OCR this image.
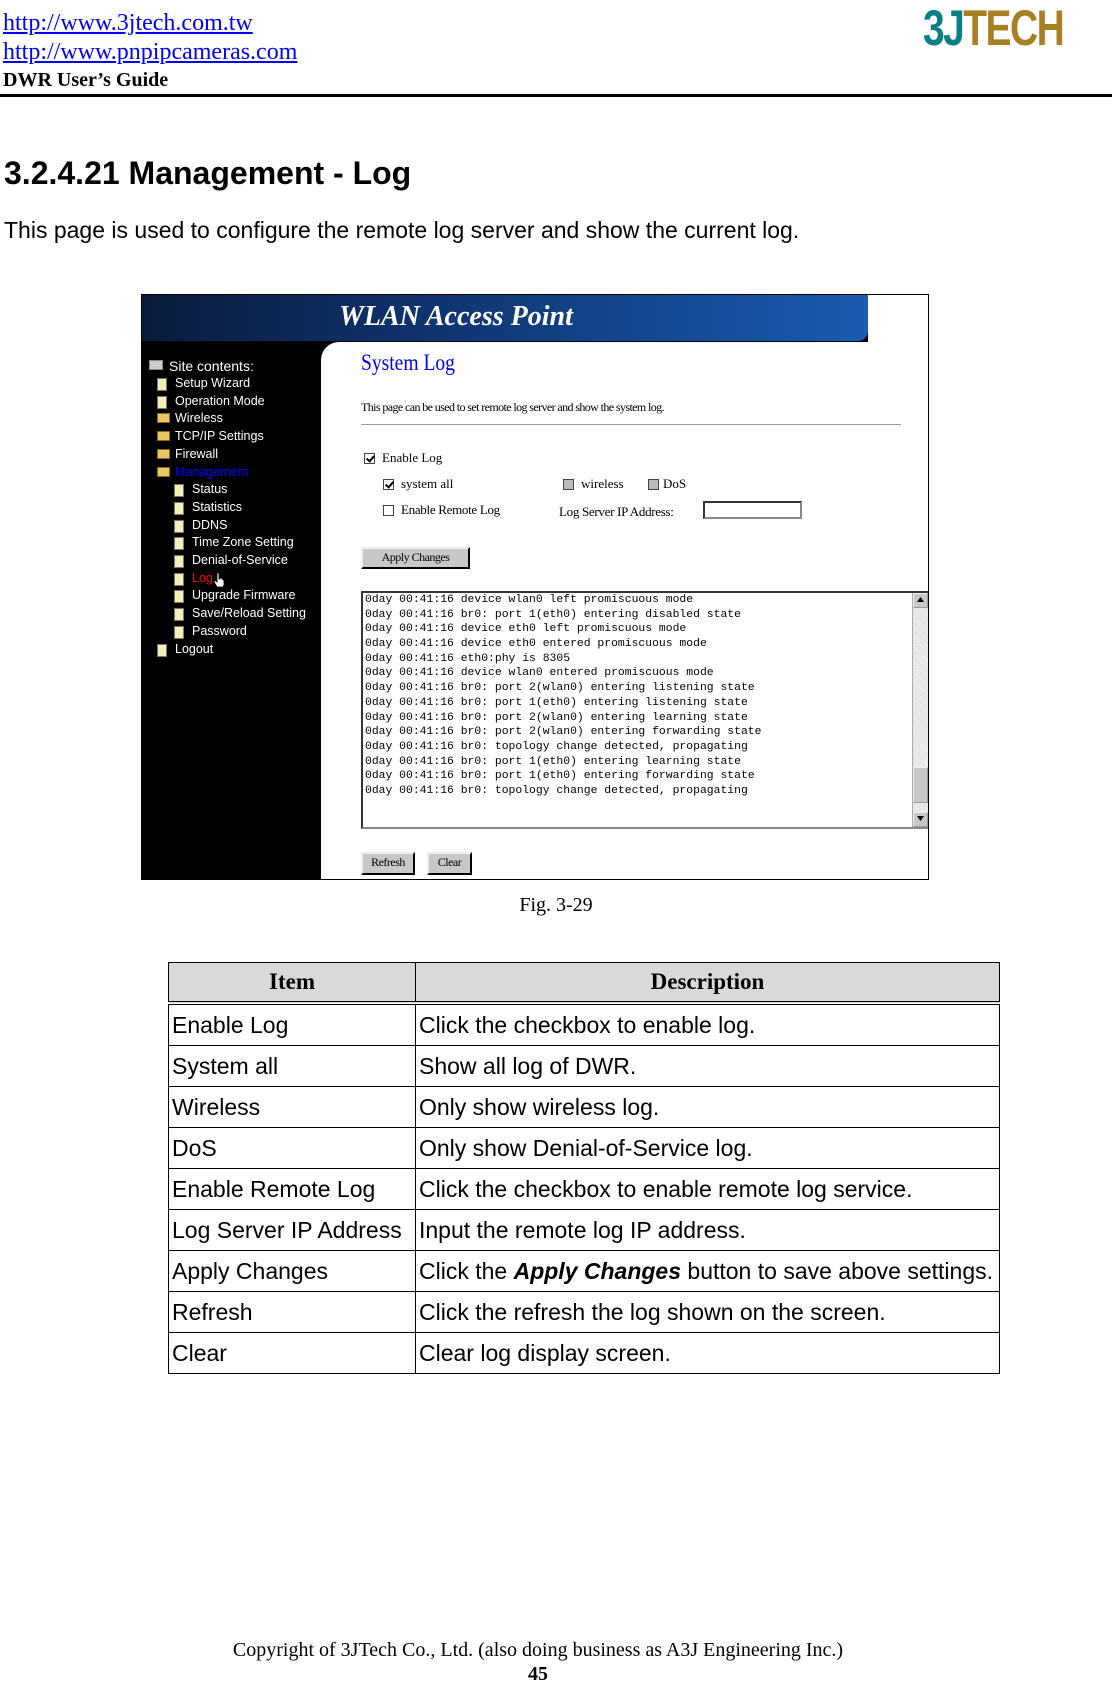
http://www.3jtech.com.tw
http://www.pnpipcameras.com
DWR User’s Guide
3JTECH
3.2.4.21 Management - Log
This page is used to configure the remote log server and show the current log.
WLAN Access Point
Site contents:
Setup Wizard
Operation Mode
Wireless
TCP/IP Settings
Firewall
Management
Status
Statistics
DDNS
Time Zone Setting
Denial-of-Service
Log
Upgrade Firmware
Save/Reload Setting
Password
Logout
System Log
This page can be used to set remote log server and show the system log.
Enable Log
system all	wireless	DoS
Enable Remote Log	Log Server IP Address:
Apply Changes
0day 00:41:16 device wlan0 left promiscuous mode
0day 00:41:16 br0: port 1(eth0) entering disabled state
0day 00:41:16 device eth0 left promiscuous mode
0day 00:41:16 device eth0 entered promiscuous mode
0day 00:41:16 eth0:phy is 8305
0day 00:41:16 device wlan0 entered promiscuous mode
0day 00:41:16 br0: port 2(wlan0) entering listening state
0day 00:41:16 br0: port 1(eth0) entering listening state
0day 00:41:16 br0: port 2(wlan0) entering learning state
0day 00:41:16 br0: port 2(wlan0) entering forwarding state
0day 00:41:16 br0: topology change detected, propagating
0day 00:41:16 br0: port 1(eth0) entering learning state
0day 00:41:16 br0: port 1(eth0) entering forwarding state
0day 00:41:16 br0: topology change detected, propagating
Refresh	Clear
Fig. 3-29
Item	Description
Enable Log	Click the checkbox to enable log.
System all	Show all log of DWR.
Wireless	Only show wireless log.
DoS	Only show Denial-of-Service log.
Enable Remote Log	Click the checkbox to enable remote log service.
Log Server IP Address	Input the remote log IP address.
Apply Changes	Click the Apply Changes button to save above settings.
Refresh	Click the refresh the log shown on the screen.
Clear	Clear log display screen.
Copyright of 3JTech Co., Ltd. (also doing business as A3J Engineering Inc.)
45
